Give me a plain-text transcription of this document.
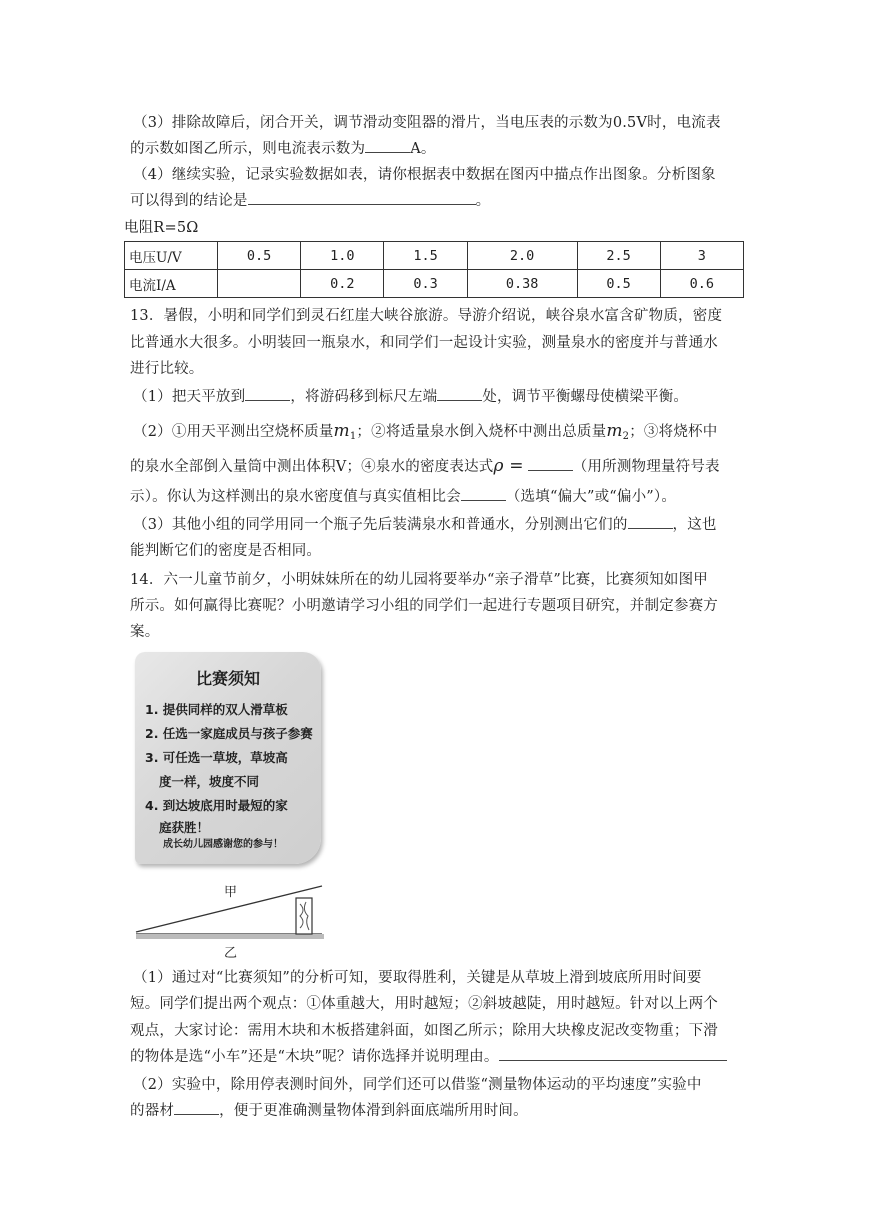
（3）排除故障后，闭合开关，调节滑动变阻器的滑片，当电压表的示数为0.5V时，电流表
的示数如图乙所示，则电流表示数为	A。
（4）继续实验，记录实验数据如表，请你根据表中数据在图丙中描点作出图象。分析图象
可以得到的结论是	。
电阻R=5Ω
电压U/V	0.5	1.0	1.5	2.0	2.5	3
电流I/A		0.2	0.3	0.38	0.5	0.6
13．暑假，小明和同学们到灵石红崖大峡谷旅游。导游介绍说，峡谷泉水富含矿物质，密度
比普通水大很多。小明装回一瓶泉水，和同学们一起设计实验，测量泉水的密度并与普通水
进行比较。
（1）把天平放到	，将游码移到标尺左端	处，调节平衡螺母使横梁平衡。
（2）①用天平测出空烧杯质量$m_1$；②将适量泉水倒入烧杯中测出总质量$m_2$；③将烧杯中
的泉水全部倒入量筒中测出体积V；④泉水的密度表达式ρ =	（用所测物理量符号表
示）。你认为这样测出的泉水密度值与真实值相比会	（选填“偏大”或“偏小”）。
（3）其他小组的同学用同一个瓶子先后装满泉水和普通水，分别测出它们的	，这也
能判断它们的密度是否相同。
14．六一儿童节前夕，小明妹妹所在的幼儿园将要举办“亲子滑草”比赛，比赛须知如图甲
所示。如何赢得比赛呢？小明邀请学习小组的同学们一起进行专题项目研究，并制定参赛方
案。
比赛须知
1. 提供同样的双人滑草板
2. 任选一家庭成员与孩子参赛
3. 可任选一草坡，草坡高
度一样，坡度不同
4. 到达坡底用时最短的家
庭获胜！
成长幼儿园感谢您的参与！
甲
乙
（1）通过对“比赛须知”的分析可知，要取得胜利，关键是从草坡上滑到坡底所用时间要
短。同学们提出两个观点：①体重越大，用时越短；②斜坡越陡，用时越短。针对以上两个
观点，大家讨论：需用木块和木板搭建斜面，如图乙所示；除用大块橡皮泥改变物重；下滑
的物体是选“小车”还是“木块”呢？请你选择并说明理由。
（2）实验中，除用停表测时间外，同学们还可以借鉴“测量物体运动的平均速度”实验中
的器材	，便于更准确测量物体滑到斜面底端所用时间。
